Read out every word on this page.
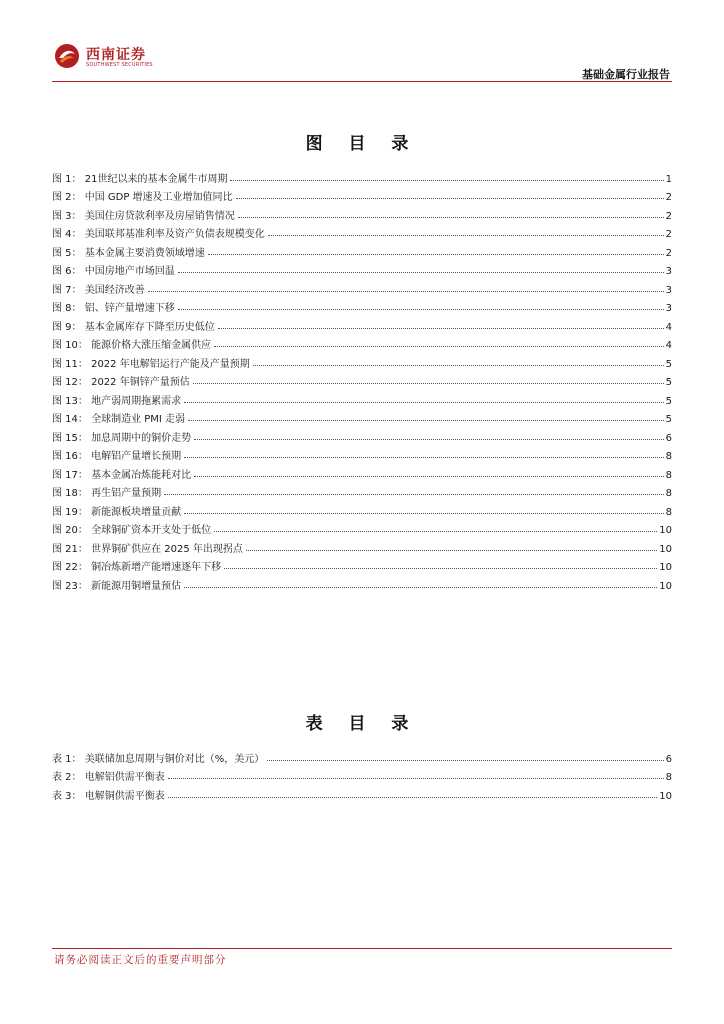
西南证券
SOUTHWEST SECURITIES
基础金属行业报告
图 目 录
图 1： 21世纪以来的基本金属牛市周期	1
图 2： 中国 GDP 增速及工业增加值同比	2
图 3： 美国住房贷款利率及房屋销售情况	2
图 4： 美国联邦基准利率及资产负债表规模变化	2
图 5： 基本金属主要消费领域增速	2
图 6： 中国房地产市场回温	3
图 7： 美国经济改善	3
图 8： 铝、锌产量增速下移	3
图 9： 基本金属库存下降至历史低位	4
图 10： 能源价格大涨压缩金属供应	4
图 11： 2022 年电解铝运行产能及产量预期	5
图 12： 2022 年铜锌产量预估	5
图 13： 地产弱周期拖累需求	5
图 14： 全球制造业 PMI 走弱	5
图 15： 加息周期中的铜价走势	6
图 16： 电解铝产量增长预期	8
图 17： 基本金属冶炼能耗对比	8
图 18： 再生铝产量预期	8
图 19： 新能源板块增量贡献	8
图 20： 全球铜矿资本开支处于低位	10
图 21： 世界铜矿供应在 2025 年出现拐点	10
图 22： 铜冶炼新增产能增速逐年下移	10
图 23： 新能源用铜增量预估	10
表 目 录
表 1： 美联储加息周期与铜价对比（%，美元）	6
表 2： 电解铝供需平衡表	8
表 3： 电解铜供需平衡表	10
请务必阅读正文后的重要声明部分
